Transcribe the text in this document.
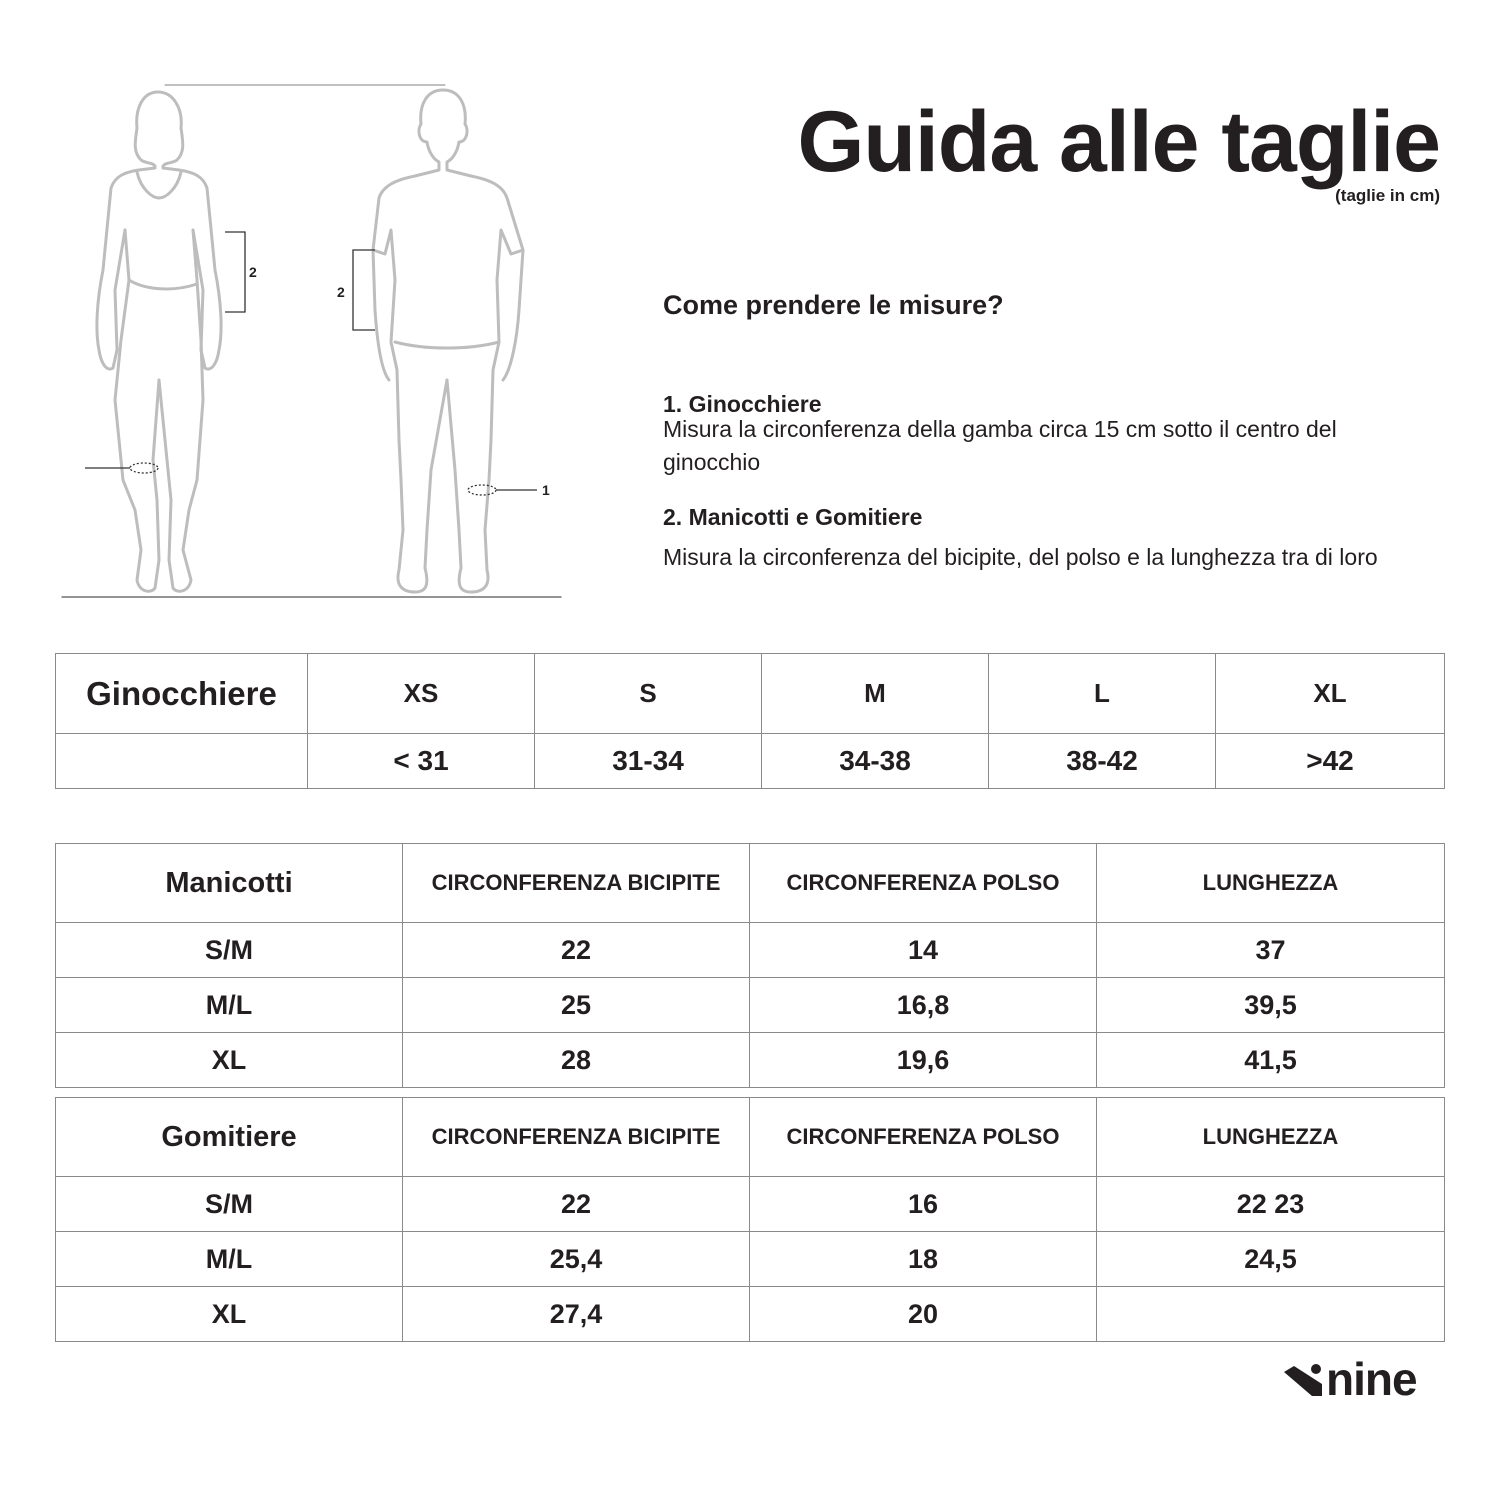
Guida alle taglie
(taglie in cm)
Come prendere le misure?
1. Ginocchiere
Misura la circonferenza della gamba circa 15 cm sotto il centro del ginocchio
2. Manicotti e Gomitiere
Misura la circonferenza del bicipite, del polso e la lunghezza tra di loro
2
2
1
Ginocchiere	XS	S	M	L	XL
	< 31	31-34	34-38	38-42	>42
Manicotti	CIRCONFERENZA BICIPITE	CIRCONFERENZA POLSO	LUNGHEZZA
S/M	22	14	37
M/L	25	16,8	39,5
XL	28	19,6	41,5
Gomitiere	CIRCONFERENZA BICIPITE	CIRCONFERENZA POLSO	LUNGHEZZA
S/M	22	16	22 23
M/L	25,4	18	24,5
XL	27,4	20	
nine
